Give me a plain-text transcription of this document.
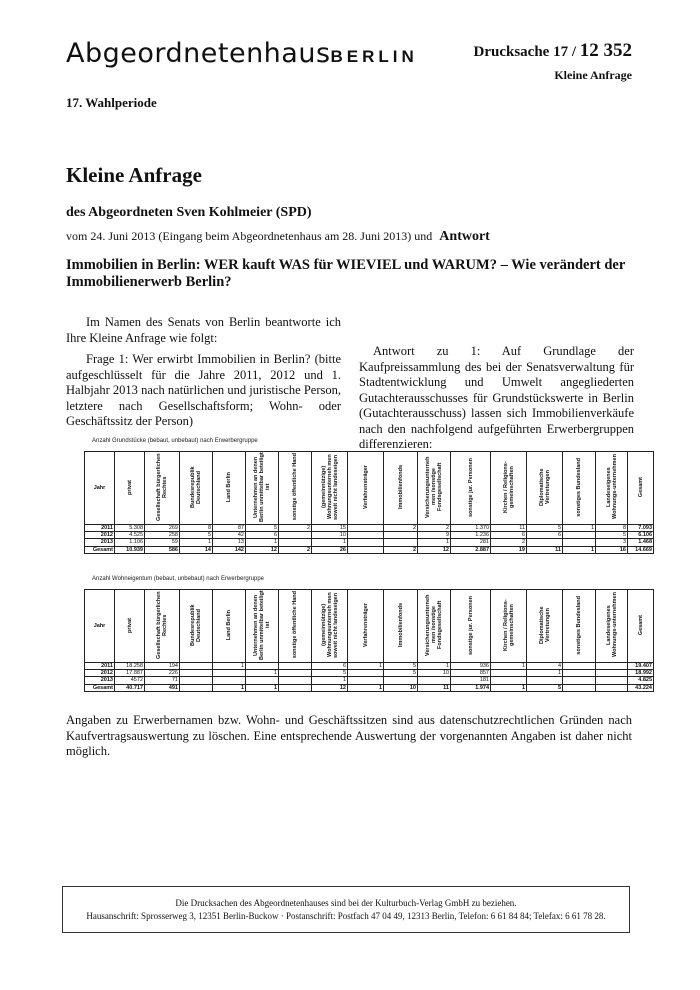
AbgeordnetenhausBERLIN	Drucksache 17 / 12 352
Kleine Anfrage
17. Wahlperiode
Kleine Anfrage
des Abgeordneten Sven Kohlmeier (SPD)
vom 24. Juni 2013 (Eingang beim Abgeordnetenhaus am 28. Juni 2013) und Antwort
Immobilien in Berlin: WER kauft WAS für WIEVIEL und WARUM? – Wie verändert der Immobilienerwerb Berlin?
Im Namen des Senats von Berlin beantworte ich Ihre Kleine Anfrage wie folgt:
Frage 1: Wer erwirbt Immobilien in Berlin? (bitte aufgeschlüsselt für die Jahre 2011, 2012 und 1. Halbjahr 2013 nach natürlichen und juristische Person, letztere nach Gesellschaftsform; Wohn- oder Geschäftssitz der Person)
Antwort zu 1: Auf Grundlage der Kaufpreissammlung des bei der Senatsverwaltung für Stadtentwicklung und Umwelt angegliederten Gutachterausschusses für Grundstückswerte in Berlin (Gutachterausschuss) lassen sich Immobilienverkäufe nach den nachfolgend aufgeführten Erwerbergruppen differenzieren:
Anzahl Grundstücke (bebaut, unbebaut) nach Erwerbergruppe
Jahr	privat	Gesellschaft bürgerlichen Rechtes	Bundesrepublik Deutschland	Land Berlin	Unternehmen an denen Berlin unmittelbar beteiligt ist	sonstige öffentliche Hand	(gemeinnützige) Wohnungsunterneh men soweit nicht landeseigen	Verfahrensträger	Immobilienfonds	Versicherungsunterneh men /sonstige Fondsgesellschaft	sonstige jur. Personen	Kirchen / Religions-gemeinschaften	Diplomatische Vertretungen	sonstiges Bundesland	Landeseigenes Wohnungs-unternehmen	Gesamt
2011	5.308	269	8	87	5	2	15		2	2	1.370	11	5	1	8	7.093
2012	4.525	258	5	42	6		10			9	1.236	6	6		5	6.106
2013	1.106	59	1	13	1		1			1	281	2			3	1.468
Gesamt	10.939	586	14	142	12	2	26		2	12	2.887	19	11	1	16	14.669
Anzahl Wohneigentum (bebaut, unbebaut) nach Erwerbergruppe
Jahr	privat	Gesellschaft bürgerlichen Rechtes	Bundesrepublik Deutschland	Land Berlin	Unternehmen an denen Berlin unmittelbar beteiligt ist	sonstige öffentliche Hand	(gemeinnützige) Wohnungsunterneh men soweit nicht landeseigen	Verfahrensträger	Immobilienfonds	Versicherungsunterneh men /sonstige Fondsgesellschaft	sonstige jur. Personen	Kirchen / Religions-gemeinschaften	Diplomatische Vertretungen	sonstiges Bundesland	Landeseigenes Wohnungs-unternehmen	Gesamt
2011	18.258	194		1			6	1	5	1	936	1	4			19.407
2012	17.887	226			1		5		5	10	857		1			18.992
2013	4572	71					1				181					4.825
Gesamt	40.717	491		1	1		12	1	10	11	1.974	1	5			43.224
Angaben zu Erwerbernamen bzw. Wohn- und Geschäftssitzen sind aus datenschutzrechtlichen Gründen nach Kaufvertragsauswertung zu löschen. Eine entsprechende Auswertung der vorgenannten Angaben ist daher nicht möglich.
Die Drucksachen des Abgeordnetenhauses sind bei der Kulturbuch-Verlag GmbH zu beziehen.
Hausanschrift: Sprosserweg 3, 12351 Berlin-Buckow · Postanschrift: Postfach 47 04 49, 12313 Berlin, Telefon: 6 61 84 84; Telefax: 6 61 78 28.
